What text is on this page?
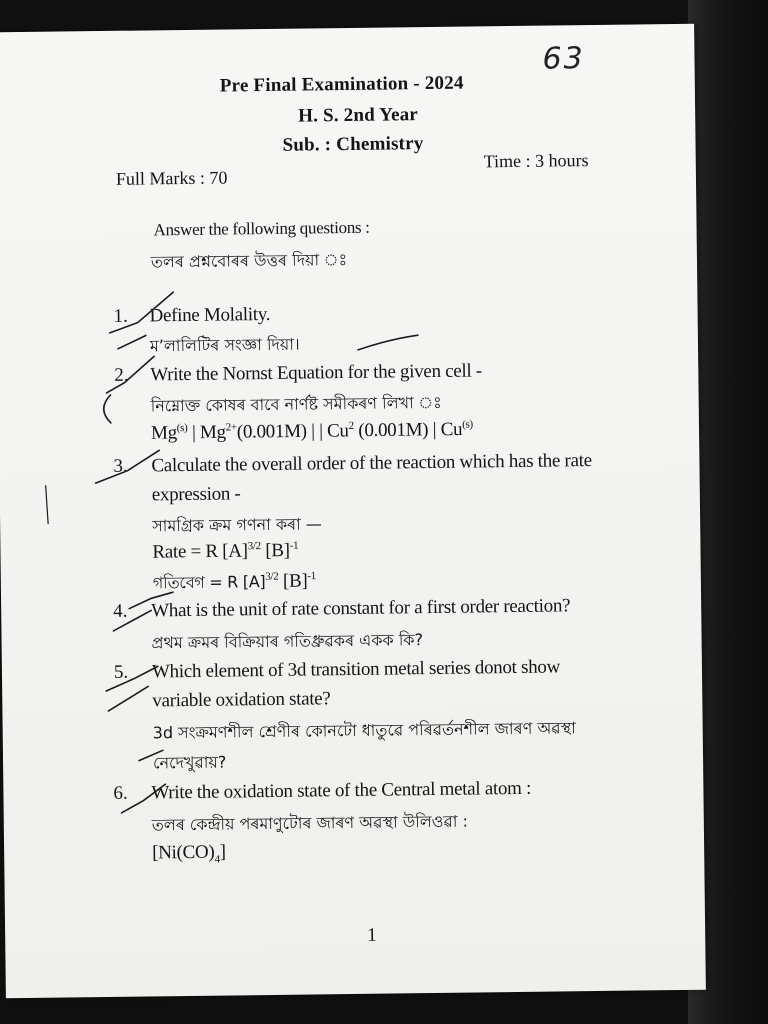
63
Pre Final Examination - 2024
H. S. 2nd Year
Sub. : Chemistry
Full Marks : 70
Time : 3 hours
Answer the following questions :
তলৰ প্ৰশ্নবোৰৰ উত্তৰ দিয়া ঃ
1. Define Molality.
ম’লালিটিৰ সংজ্ঞা দিয়া।
2. Write the Nornst Equation for the given cell -
নিম্নোক্ত কোষৰ বাবে নাৰ্ণষ্ট সমীকৰণ লিখা ঃ
Mg$^{(s)}$ | $Mg^{2+}(0.001M)$ | | Cu$^2$ (0.001M) | Cu$^{(s)}$
3. Calculate the overall order of the reaction which has the rate
expression -
সামগ্ৰিক ক্ৰম গণনা কৰা —
Rate = R $[A]^{3/2}$ $[B]^{-1}$
গতিবেগ = R $[A]^{3/2}$ $[B]^{-1}$
4. What is the unit of rate constant for a first order reaction?
প্ৰথম ক্ৰমৰ বিক্ৰিয়াৰ গতিধ্ৰুৱকৰ একক কি?
5. Which element of 3d transition metal series donot show
variable oxidation state?
3d সংক্ৰমণশীল শ্ৰেণীৰ কোনটো ধাতুৱে পৰিৱৰ্তনশীল জাৰণ অৱস্থা
নেদেখুৱায়?
6. Write the oxidation state of the Central metal atom :
তলৰ কেন্দ্ৰীয় পৰমাণুটোৰ জাৰণ অৱস্থা উলিওৱা :
$[Ni(CO)_4]$
1
